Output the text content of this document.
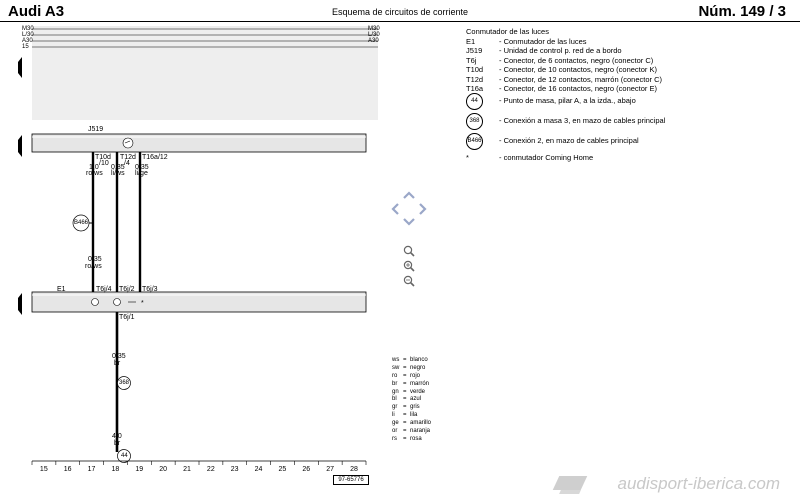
Audi A3	Esquema de circuitos de corriente	Núm. 149 / 3
M30
L/30
A30
15
M30
L/30
A30
J519
T10d
/10
T12d
/4
T16a/12
1,0
ro/ws
0,35
li/ws
0,35
li/ge
B466
0,35
ro/ws
E1	T6j/4 T6j/2 T6j/3
T6j/1
0,35
br
368
4,0
br
44
*
15 16 17 18 19 20 21 22 23 24 25 26 27 28
97-65776
Conmutador de las luces
E1	- Conmutador de las luces
J519 - Unidad de control p. red de a bordo
T6j	- Conector, de 6 contactos, negro (conector C)
T10d - Conector, de 10 contactos, negro (conector K)
T12d - Conector, de 12 contactos, marrón (conector C)
T16a - Conector, de 16 contactos, negro (conector E)
44	- Punto de masa, pilar A, a la izda., abajo
368	- Conexión a masa 3, en mazo de cables principal
B466 - Conexión 2, en mazo de cables principal
*	- conmutador Coming Home
ws = blanco
sw = negro
ro = rojo
br = marrón
gn = verde
bl = azul
gr = gris
li = lila
ge = amarillo
or = naranja
rs = rosa
audisport-iberica.com
